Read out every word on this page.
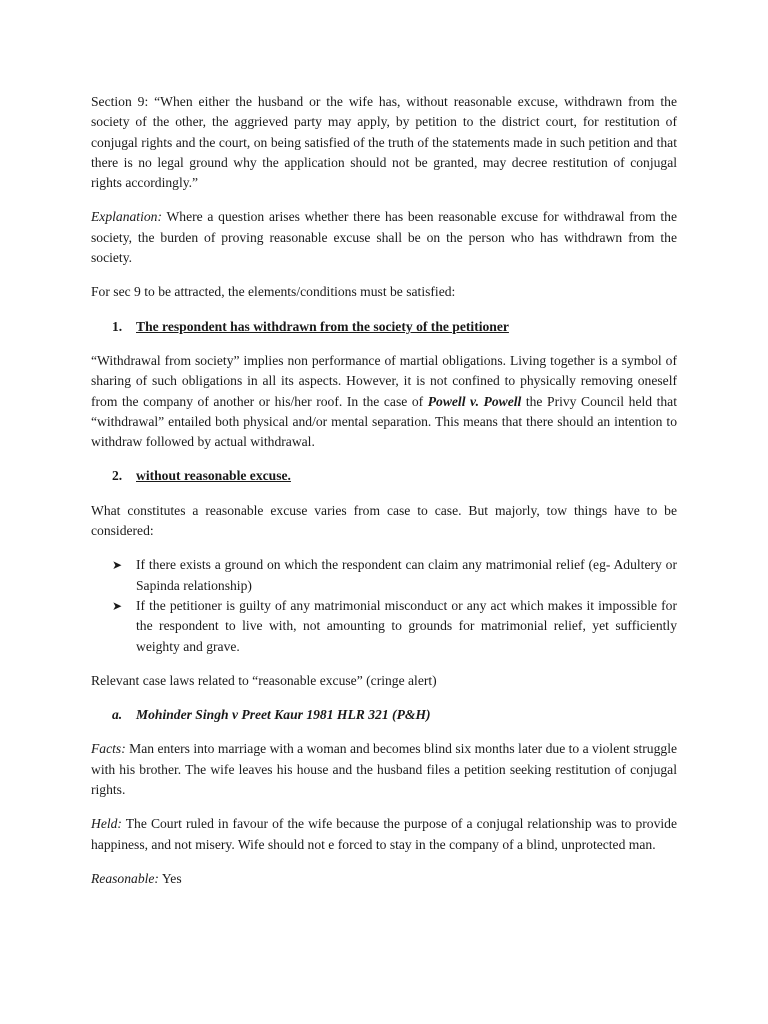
Section 9: “When either the husband or the wife has, without reasonable excuse, withdrawn from the society of the other, the aggrieved party may apply, by petition to the district court, for restitution of conjugal rights and the court, on being satisfied of the truth of the statements made in such petition and that there is no legal ground why the application should not be granted, may decree restitution of conjugal rights accordingly.”

Explanation: Where a question arises whether there has been reasonable excuse for withdrawal from the society, the burden of proving reasonable excuse shall be on the person who has withdrawn from the society.

For sec 9 to be attracted, the elements/conditions must be satisfied:

1. The respondent has withdrawn from the society of the petitioner

“Withdrawal from society” implies non performance of martial obligations. Living together is a symbol of sharing of such obligations in all its aspects. However, it is not confined to physically removing oneself from the company of another or his/her roof. In the case of Powell v. Powell the Privy Council held that “withdrawal” entailed both physical and/or mental separation. This means that there should an intention to withdraw followed by actual withdrawal.

2. without reasonable excuse.

What constitutes a reasonable excuse varies from case to case. But majorly, tow things have to be considered:

➤ If there exists a ground on which the respondent can claim any matrimonial relief (eg- Adultery or Sapinda relationship)
➤ If the petitioner is guilty of any matrimonial misconduct or any act which makes it impossible for the respondent to live with, not amounting to grounds for matrimonial relief, yet sufficiently weighty and grave.

Relevant case laws related to “reasonable excuse” (cringe alert)

a. Mohinder Singh v Preet Kaur 1981 HLR 321 (P&H)

Facts: Man enters into marriage with a woman and becomes blind six months later due to a violent struggle with his brother. The wife leaves his house and the husband files a petition seeking restitution of conjugal rights.

Held: The Court ruled in favour of the wife because the purpose of a conjugal relationship was to provide happiness, and not misery. Wife should not e forced to stay in the company of a blind, unprotected man.

Reasonable: Yes
